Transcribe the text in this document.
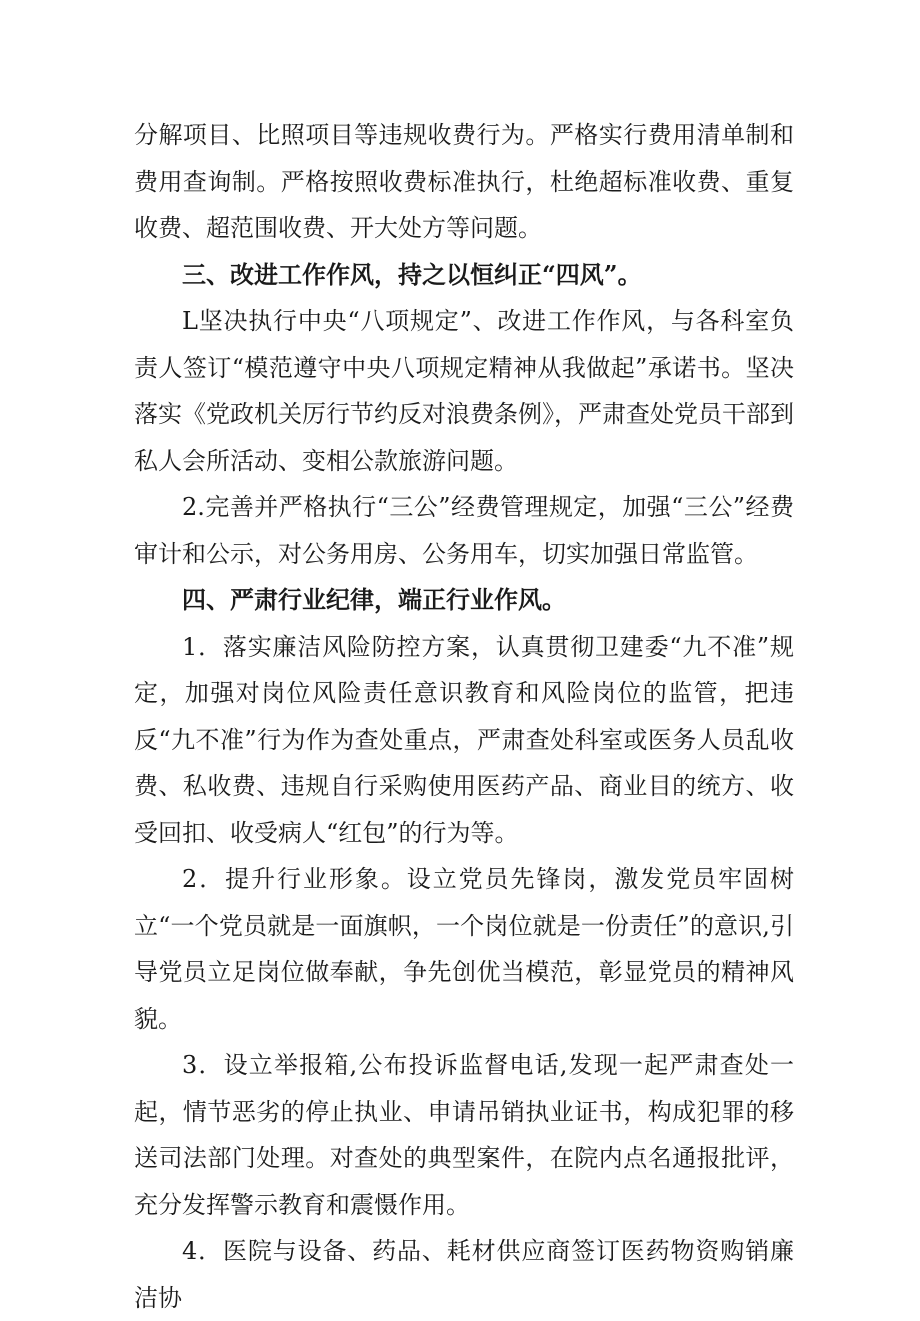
分解项目、比照项目等违规收费行为。严格实行费用清单制和费用查询制。严格按照收费标准执行，杜绝超标准收费、重复收费、超范围收费、开大处方等问题。

三、改进工作作风，持之以恒纠正“四风”。

L坚决执行中央“八项规定”、改进工作作风，与各科室负责人签订“模范遵守中央八项规定精神从我做起”承诺书。坚决落实《党政机关厉行节约反对浪费条例》，严肃查处党员干部到私人会所活动、变相公款旅游问题。

2.完善并严格执行“三公”经费管理规定，加强“三公”经费审计和公示，对公务用房、公务用车，切实加强日常监管。

四、严肃行业纪律，端正行业作风。

1．落实廉洁风险防控方案，认真贯彻卫建委“九不准”规定，加强对岗位风险责任意识教育和风险岗位的监管，把违反“九不准”行为作为查处重点，严肃查处科室或医务人员乱收费、私收费、违规自行采购使用医药产品、商业目的统方、收受回扣、收受病人“红包”的行为等。

2．提升行业形象。设立党员先锋岗，激发党员牢固树立“一个党员就是一面旗帜，一个岗位就是一份责任”的意识,引导党员立足岗位做奉献，争先创优当模范，彰显党员的精神风貌。

3．设立举报箱,公布投诉监督电话,发现一起严肃查处一起，情节恶劣的停止执业、申请吊销执业证书，构成犯罪的移送司法部门处理。对查处的典型案件，在院内点名通报批评，充分发挥警示教育和震慑作用。

4．医院与设备、药品、耗材供应商签订医药物资购销廉洁协
